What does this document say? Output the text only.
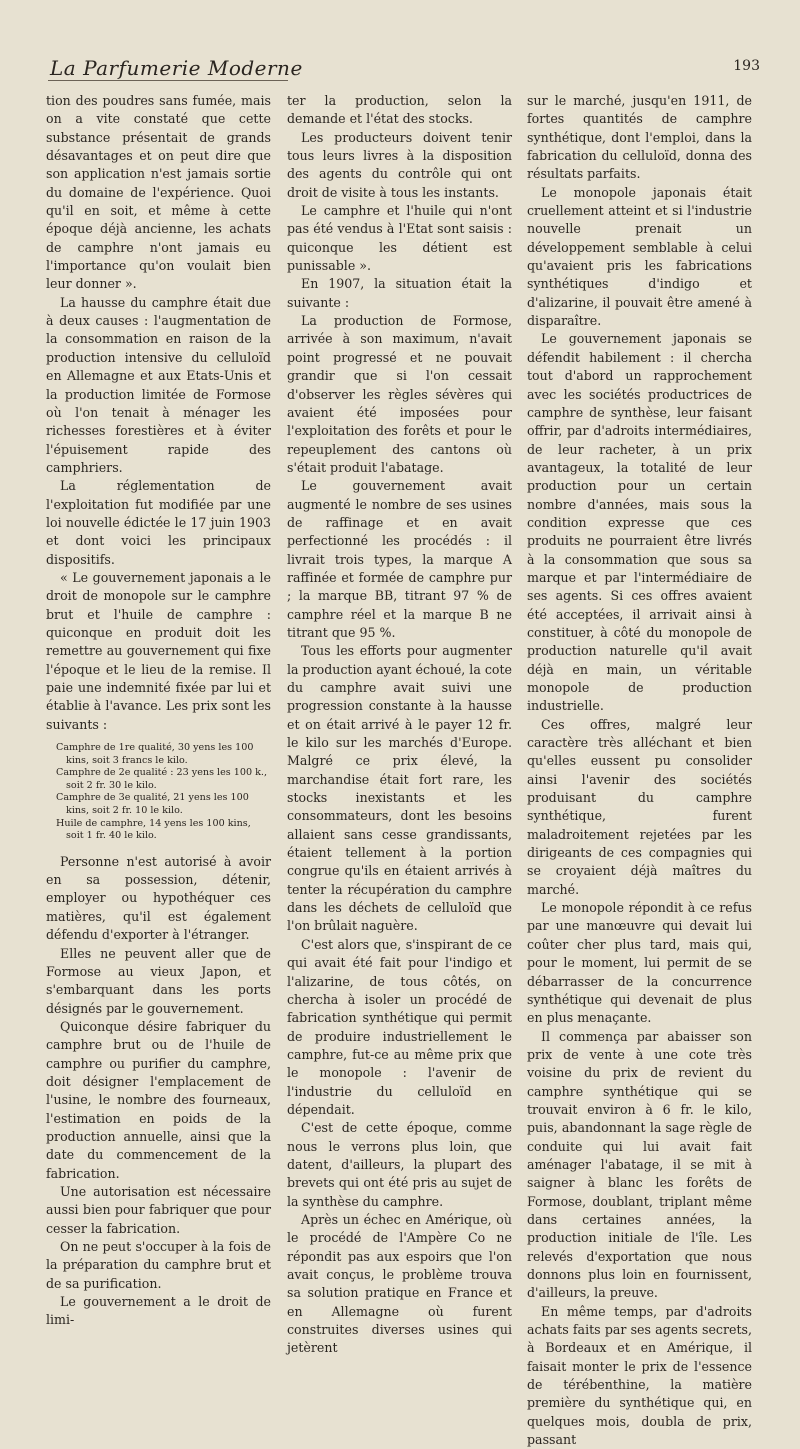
La Parfumerie Moderne	193

tion des poudres sans fumée, mais on a vite constaté que cette substance présentait de grands désavantages et on peut dire que son application n'est jamais sortie du domaine de l'expérience. Quoi qu'il en soit, et même à cette époque déjà ancienne, les achats de camphre n'ont jamais eu l'importance qu'on voulait bien leur donner ».

La hausse du camphre était due à deux causes : l'augmentation de la consommation en raison de la production intensive du celluloïd en Allemagne et aux Etats-Unis et la production limitée de Formose où l'on tenait à ménager les richesses forestières et à éviter l'épuisement rapide des camphriers.

La réglementation de l'exploitation fut modifiée par une loi nouvelle édictée le 17 juin 1903 et dont voici les principaux dispositifs.

« Le gouvernement japonais a le droit de monopole sur le camphre brut et l'huile de camphre : quiconque en produit doit les remettre au gouvernement qui fixe l'époque et le lieu de la remise. Il paie une indemnité fixée par lui et établie à l'avance. Les prix sont les suivants :

Camphre de 1re qualité, 30 yens les 100 kins, soit 3 francs le kilo.
Camphre de 2e qualité : 23 yens les 100 k., soit 2 fr. 30 le kilo.
Camphre de 3e qualité, 21 yens les 100 kins, soit 2 fr. 10 le kilo.
Huile de camphre, 14 yens les 100 kins, soit 1 fr. 40 le kilo.

Personne n'est autorisé à avoir en sa possession, détenir, employer ou hypothéquer ces matières, qu'il est également défendu d'exporter à l'étranger.

Elles ne peuvent aller que de Formose au vieux Japon, et s'embarquant dans les ports désignés par le gouvernement.

Quiconque désire fabriquer du camphre brut ou de l'huile de camphre ou purifier du camphre, doit désigner l'emplacement de l'usine, le nombre des fourneaux, l'estimation en poids de la production annuelle, ainsi que la date du commencement de la fabrication.

Une autorisation est nécessaire aussi bien pour fabriquer que pour cesser la fabrication.

On ne peut s'occuper à la fois de la préparation du camphre brut et de sa purification.

Le gouvernement a le droit de limi-

ter la production, selon la demande et l'état des stocks.

Les producteurs doivent tenir tous leurs livres à la disposition des agents du contrôle qui ont droit de visite à tous les instants.

Le camphre et l'huile qui n'ont pas été vendus à l'Etat sont saisis : quiconque les détient est punissable ».

En 1907, la situation était la suivante :

La production de Formose, arrivée à son maximum, n'avait point progressé et ne pouvait grandir que si l'on cessait d'observer les règles sévères qui avaient été imposées pour l'exploitation des forêts et pour le repeuplement des cantons où s'était produit l'abatage.

Le gouvernement avait augmenté le nombre de ses usines de raffinage et en avait perfectionné les procédés : il livrait trois types, la marque A raffinée et formée de camphre pur ; la marque BB, titrant 97 % de camphre réel et la marque B ne titrant que 95 %.

Tous les efforts pour augmenter la production ayant échoué, la cote du camphre avait suivi une progression constante à la hausse et on était arrivé à le payer 12 fr. le kilo sur les marchés d'Europe. Malgré ce prix élevé, la marchandise était fort rare, les stocks inexistants et les consommateurs, dont les besoins allaient sans cesse grandissants, étaient tellement à la portion congrue qu'ils en étaient arrivés à tenter la récupération du camphre dans les déchets de celluloïd que l'on brûlait naguère.

C'est alors que, s'inspirant de ce qui avait été fait pour l'indigo et l'alizarine, de tous côtés, on chercha à isoler un procédé de fabrication synthétique qui permit de produire industriellement le camphre, fut-ce au même prix que le monopole : l'avenir de l'industrie du celluloïd en dépendait.

C'est de cette époque, comme nous le verrons plus loin, que datent, d'ailleurs, la plupart des brevets qui ont été pris au sujet de la synthèse du camphre.

Après un échec en Amérique, où le procédé de l'Ampère Co ne répondit pas aux espoirs que l'on avait conçus, le problème trouva sa solution pratique en France et en Allemagne où furent construites diverses usines qui jetèrent

sur le marché, jusqu'en 1911, de fortes quantités de camphre synthétique, dont l'emploi, dans la fabrication du celluloïd, donna des résultats parfaits.

Le monopole japonais était cruellement atteint et si l'industrie nouvelle prenait un développement semblable à celui qu'avaient pris les fabrications synthétiques d'indigo et d'alizarine, il pouvait être amené à disparaître.

Le gouvernement japonais se défendit habilement : il chercha tout d'abord un rapprochement avec les sociétés productrices de camphre de synthèse, leur faisant offrir, par d'adroits intermédiaires, de leur racheter, à un prix avantageux, la totalité de leur production pour un certain nombre d'années, mais sous la condition expresse que ces produits ne pourraient être livrés à la consommation que sous sa marque et par l'intermédiaire de ses agents. Si ces offres avaient été acceptées, il arrivait ainsi à constituer, à côté du monopole de production naturelle qu'il avait déjà en main, un véritable monopole de production industrielle.

Ces offres, malgré leur caractère très alléchant et bien qu'elles eussent pu consolider ainsi l'avenir des sociétés produisant du camphre synthétique, furent maladroitement rejetées par les dirigeants de ces compagnies qui se croyaient déjà maîtres du marché.

Le monopole répondit à ce refus par une manœuvre qui devait lui coûter cher plus tard, mais qui, pour le moment, lui permit de se débarrasser de la concurrence synthétique qui devenait de plus en plus menaçante.

Il commença par abaisser son prix de vente à une cote très voisine du prix de revient du camphre synthétique qui se trouvait environ à 6 fr. le kilo, puis, abandonnant la sage règle de conduite qui lui avait fait aménager l'abatage, il se mit à saigner à blanc les forêts de Formose, doublant, triplant même dans certaines années, la production initiale de l'île. Les relevés d'exportation que nous donnons plus loin en fournissent, d'ailleurs, la preuve.

En même temps, par d'adroits achats faits par ses agents secrets, à Bordeaux et en Amérique, il faisait monter le prix de l'essence de térébenthine, la matière première du synthétique qui, en quelques mois, doubla de prix, passant
